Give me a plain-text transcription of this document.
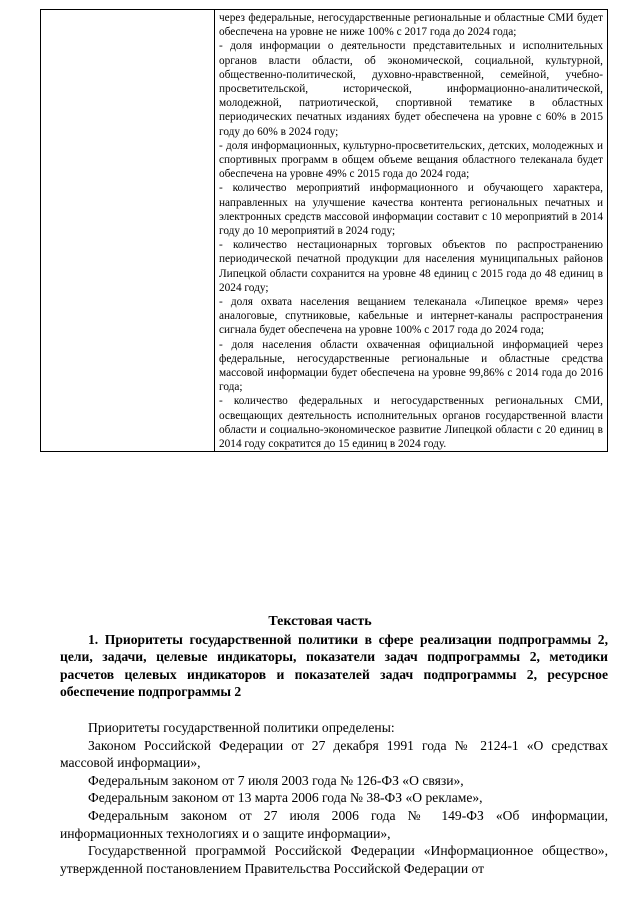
через федеральные, негосударственные региональные и областные СМИ будет обеспечена на уровне не ниже 100% с 2017 года до 2024 года;

- доля информации о деятельности представительных и исполнительных органов власти области, об экономической, социальной, культурной, общественно-политической, духовно-нравственной, семейной, учебно-просветительской, исторической, информационно-аналитической, молодежной, патриотической, спортивной тематике в областных периодических печатных изданиях будет обеспечена на уровне с 60% в 2015 году до 60% в 2024 году;

- доля информационных, культурно-просветительских, детских, молодежных и спортивных программ в общем объеме вещания областного телеканала будет обеспечена на уровне 49% с 2015 года до 2024 года;

- количество мероприятий информационного и обучающего характера, направленных на улучшение качества контента региональных печатных и электронных средств массовой информации составит с 10 мероприятий в 2014 году до 10 мероприятий в 2024 году;

- количество нестационарных торговых объектов по распространению периодической печатной продукции для населения муниципальных районов Липецкой области сохранится на уровне 48 единиц с 2015 года до 48 единиц в 2024 году;

- доля охвата населения вещанием телеканала «Липецкое время» через аналоговые, спутниковые, кабельные и интернет-каналы распространения сигнала будет обеспечена на уровне 100% с 2017 года до 2024 года;

- доля населения области охваченная официальной информацией через федеральные, негосударственные региональные и областные средства массовой информации будет обеспечена на уровне 99,86% с 2014 года до 2016 года;

- количество федеральных и негосударственных региональных СМИ, освещающих деятельность исполнительных органов государственной власти области и социально-экономическое развитие Липецкой области с 20 единиц в 2014 году сократится до 15 единиц в 2024 году.

Текстовая часть

1. Приоритеты государственной политики в сфере реализации подпрограммы 2, цели, задачи, целевые индикаторы, показатели задач подпрограммы 2, методики расчетов целевых индикаторов и показателей задач подпрограммы 2, ресурсное обеспечение подпрограммы 2

Приоритеты государственной политики определены:

Законом Российской Федерации от 27 декабря 1991 года № 2124-1 «О средствах массовой информации»,

Федеральным законом от 7 июля 2003 года № 126-ФЗ «О связи»,

Федеральным законом от 13 марта 2006 года № 38-ФЗ «О рекламе»,

Федеральным законом от 27 июля 2006 года № 149-ФЗ «Об информации, информационных технологиях и о защите информации»,

Государственной программой Российской Федерации «Информационное общество», утвержденной постановлением Правительства Российской Федерации от
